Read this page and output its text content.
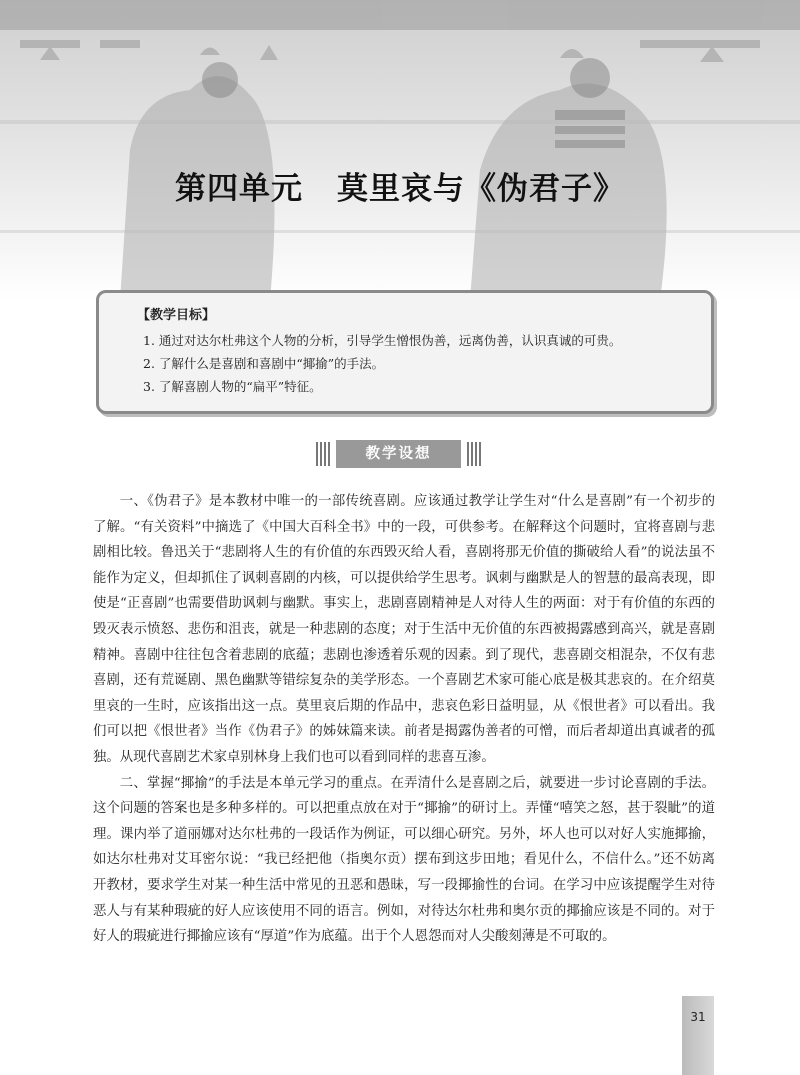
第四单元 莫里哀与《伪君子》
【教学目标】
1. 通过对达尔杜弗这个人物的分析，引导学生憎恨伪善，远离伪善，认识真诚的可贵。
2. 了解什么是喜剧和喜剧中“揶揄”的手法。
3. 了解喜剧人物的“扁平”特征。
教学设想

一、《伪君子》是本教材中唯一的一部传统喜剧。应该通过教学让学生对“什么是喜剧”有一个初步的了解。“有关资料”中摘选了《中国大百科全书》中的一段，可供参考。在解释这个问题时，宜将喜剧与悲剧相比较。鲁迅关于“悲剧将人生的有价值的东西毁灭给人看，喜剧将那无价值的撕破给人看”的说法虽不能作为定义，但却抓住了讽刺喜剧的内核，可以提供给学生思考。讽刺与幽默是人的智慧的最高表现，即使是“正喜剧”也需要借助讽刺与幽默。事实上，悲剧喜剧精神是人对待人生的两面：对于有价值的东西的毁灭表示愤怒、悲伤和沮丧，就是一种悲剧的态度；对于生活中无价值的东西被揭露感到高兴，就是喜剧精神。喜剧中往往包含着悲剧的底蕴；悲剧也渗透着乐观的因素。到了现代，悲喜剧交相混杂，不仅有悲喜剧，还有荒诞剧、黑色幽默等错综复杂的美学形态。一个喜剧艺术家可能心底是极其悲哀的。在介绍莫里哀的一生时，应该指出这一点。莫里哀后期的作品中，悲哀色彩日益明显，从《恨世者》可以看出。我们可以把《恨世者》当作《伪君子》的姊妹篇来读。前者是揭露伪善者的可憎，而后者却道出真诚者的孤独。从现代喜剧艺术家卓别林身上我们也可以看到同样的悲喜互渗。

二、掌握“揶揄”的手法是本单元学习的重点。在弄清什么是喜剧之后，就要进一步讨论喜剧的手法。这个问题的答案也是多种多样的。可以把重点放在对于“揶揄”的研讨上。弄懂“嘻笑之怒，甚于裂眦”的道理。课内举了道丽娜对达尔杜弗的一段话作为例证，可以细心研究。另外，坏人也可以对好人实施揶揄，如达尔杜弗对艾耳密尔说：“我已经把他（指奥尔贡）摆布到这步田地；看见什么，不信什么。”还不妨离开教材，要求学生对某一种生活中常见的丑恶和愚昧，写一段揶揄性的台词。在学习中应该提醒学生对待恶人与有某种瑕疵的好人应该使用不同的语言。例如，对待达尔杜弗和奥尔贡的揶揄应该是不同的。对于好人的瑕疵进行揶揄应该有“厚道”作为底蕴。出于个人恩怨而对人尖酸刻薄是不可取的。

31
